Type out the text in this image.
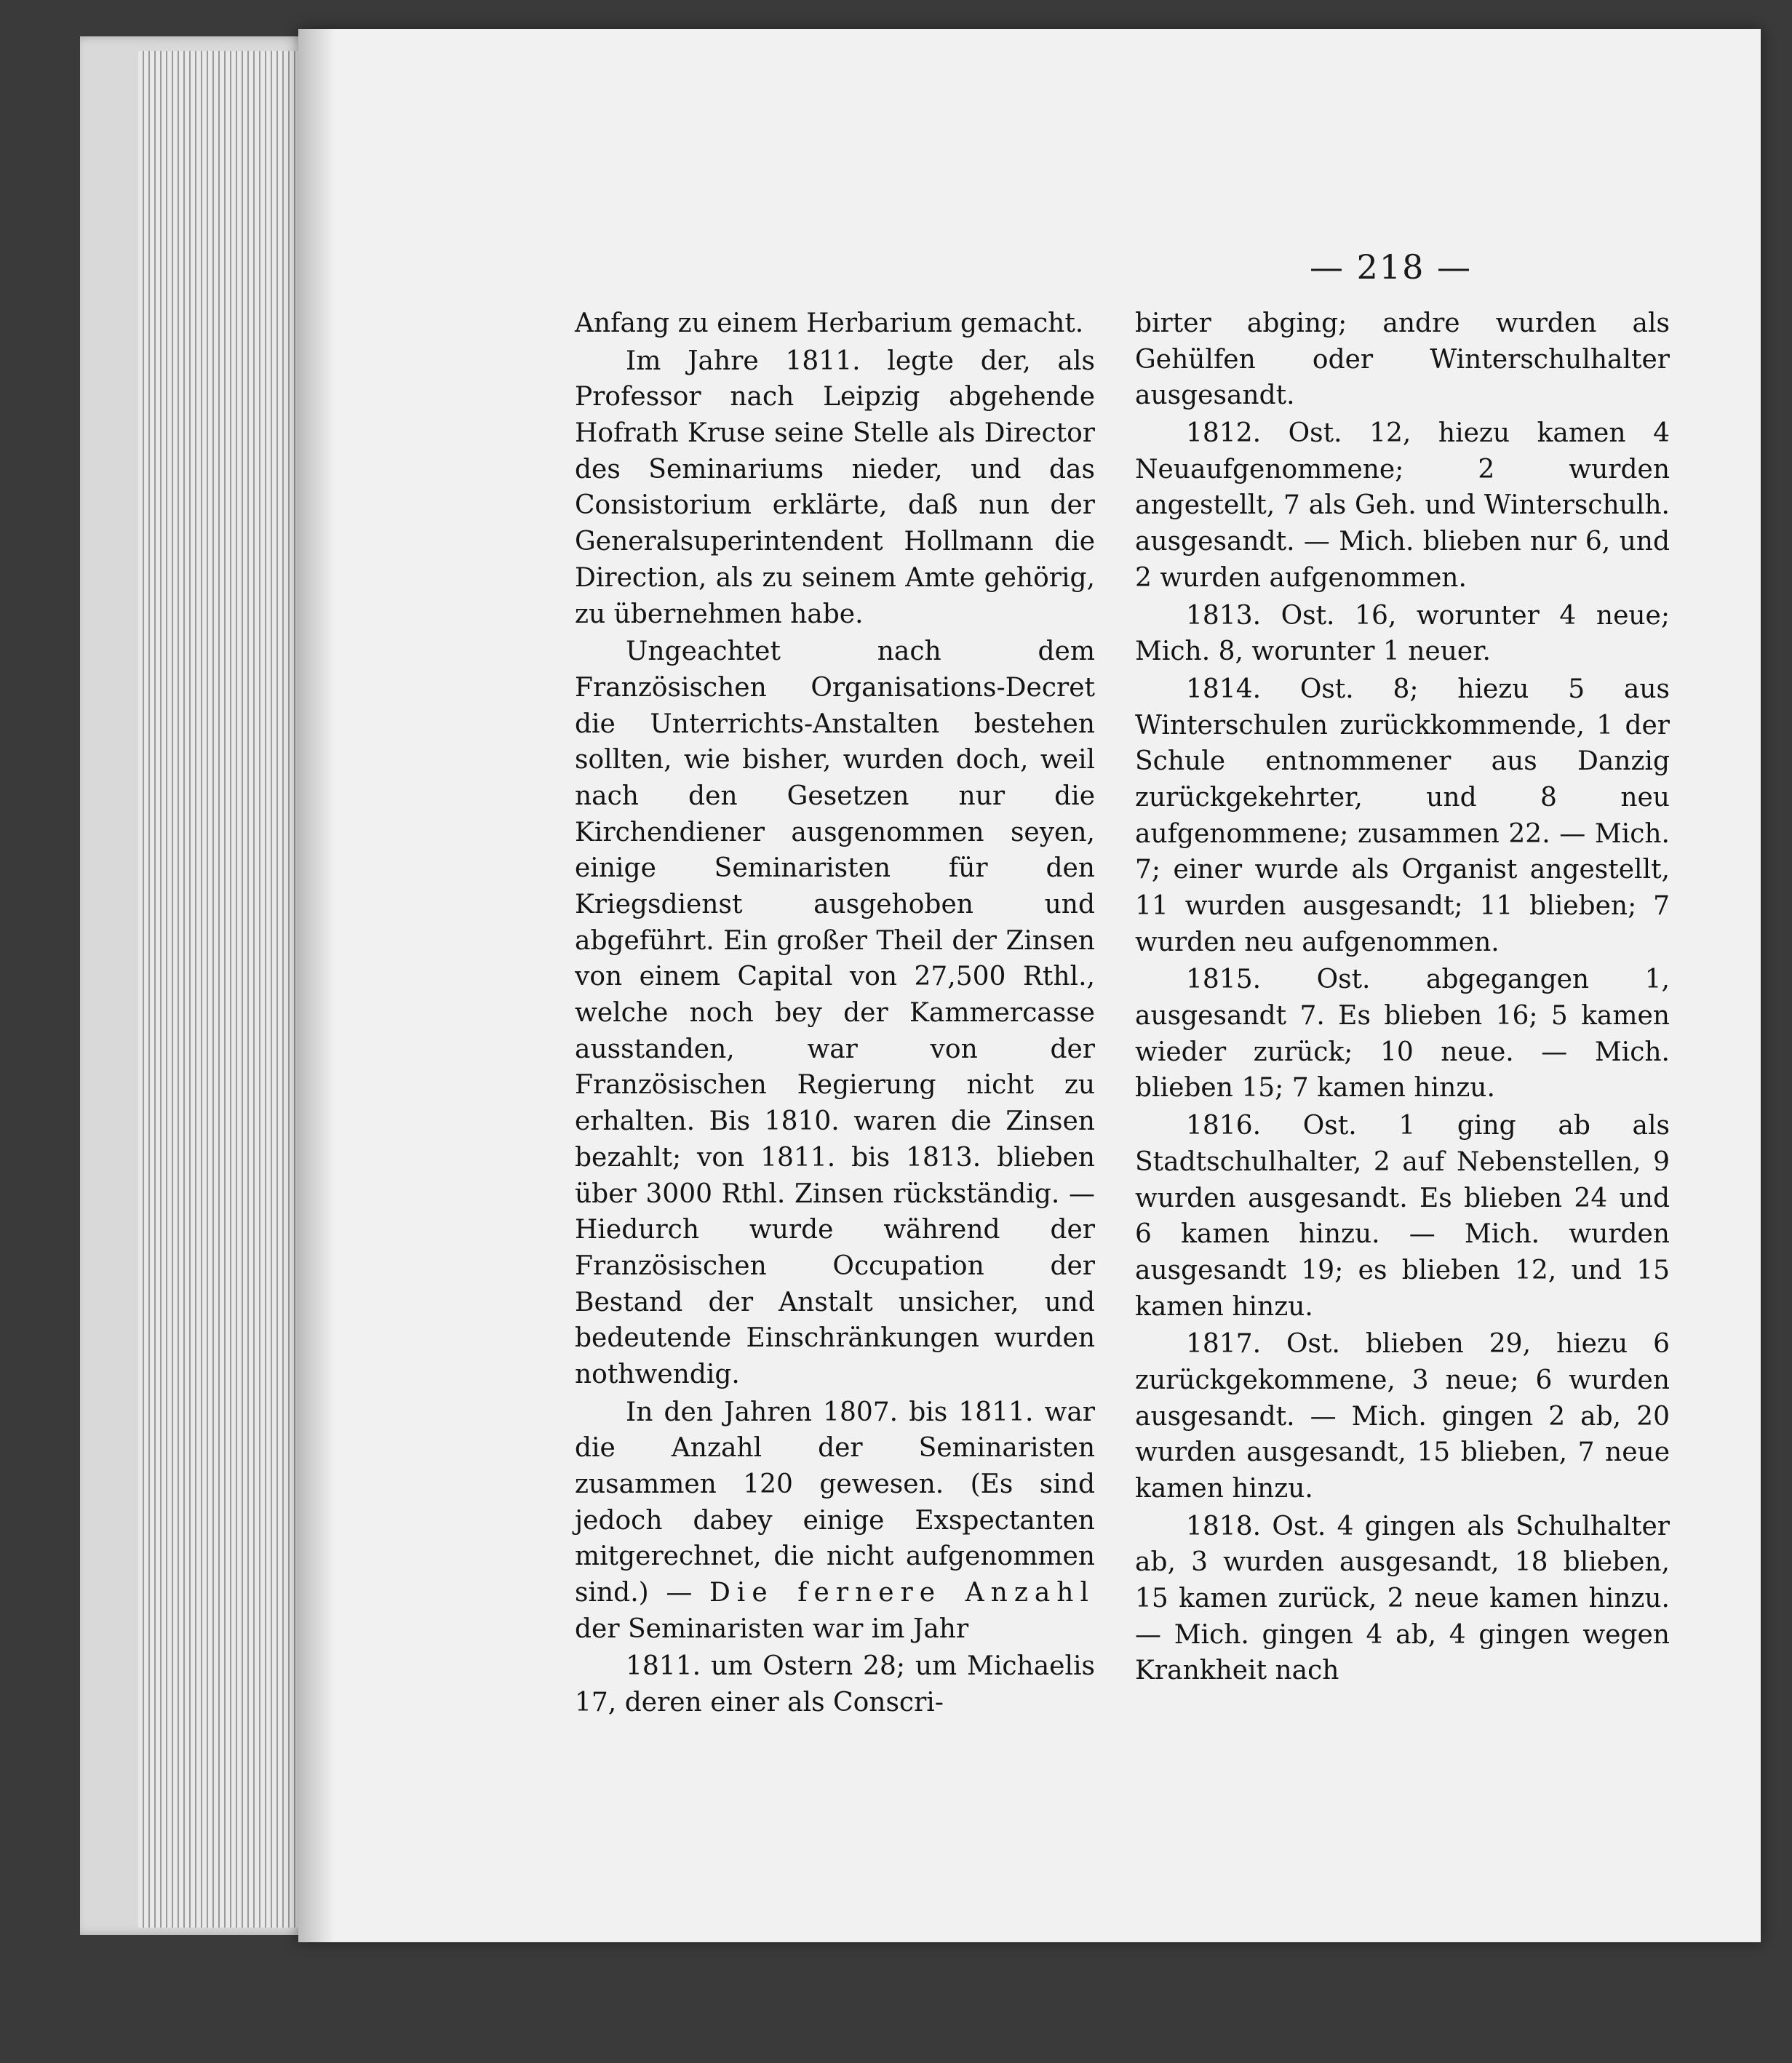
— 218 —

Anfang zu einem Herbarium gemacht.

Im Jahre 1811. legte der, als Professor nach Leipzig abgehende Hofrath Kruse seine Stelle als Director des Seminariums nieder, und das Consistorium erklärte, daß nun der Generalsuperintendent Hollmann die Direction, als zu seinem Amte gehörig, zu übernehmen habe.

Ungeachtet nach dem Französischen Organisations-Decret die Unterrichts-Anstalten bestehen sollten, wie bisher, wurden doch, weil nach den Gesetzen nur die Kirchendiener ausgenommen seyen, einige Seminaristen für den Kriegsdienst ausgehoben und abgeführt. Ein großer Theil der Zinsen von einem Capital von 27,500 Rthl., welche noch bey der Kammercasse ausstanden, war von der Französischen Regierung nicht zu erhalten. Bis 1810. waren die Zinsen bezahlt; von 1811. bis 1813. blieben über 3000 Rthl. Zinsen rückständig. — Hiedurch wurde während der Französischen Occupation der Bestand der Anstalt unsicher, und bedeutende Einschränkungen wurden nothwendig.

In den Jahren 1807. bis 1811. war die Anzahl der Seminaristen zusammen 120 gewesen. (Es sind jedoch dabey einige Exspectanten mitgerechnet, die nicht aufgenommen sind.) — Die fernere Anzahl der Seminaristen war im Jahr

1811. um Ostern 28; um Michaelis 17, deren einer als Conscri-

birter abging; andre wurden als Gehülfen oder Winterschulhalter ausgesandt.

1812. Ost. 12, hiezu kamen 4 Neuaufgenommene; 2 wurden angestellt, 7 als Geh. und Winterschulh. ausgesandt. — Mich. blieben nur 6, und 2 wurden aufgenommen.

1813. Ost. 16, worunter 4 neue; Mich. 8, worunter 1 neuer.

1814. Ost. 8; hiezu 5 aus Winterschulen zurückkommende, 1 der Schule entnommener aus Danzig zurückgekehrter, und 8 neu aufgenommene; zusammen 22. — Mich. 7; einer wurde als Organist angestellt, 11 wurden ausgesandt; 11 blieben; 7 wurden neu aufgenommen.

1815. Ost. abgegangen 1, ausgesandt 7. Es blieben 16; 5 kamen wieder zurück; 10 neue. — Mich. blieben 15; 7 kamen hinzu.

1816. Ost. 1 ging ab als Stadtschulhalter, 2 auf Nebenstellen, 9 wurden ausgesandt. Es blieben 24 und 6 kamen hinzu. — Mich. wurden ausgesandt 19; es blieben 12, und 15 kamen hinzu.

1817. Ost. blieben 29, hiezu 6 zurückgekommene, 3 neue; 6 wurden ausgesandt. — Mich. gingen 2 ab, 20 wurden ausgesandt, 15 blieben, 7 neue kamen hinzu.

1818. Ost. 4 gingen als Schulhalter ab, 3 wurden ausgesandt, 18 blieben, 15 kamen zurück, 2 neue kamen hinzu. — Mich. gingen 4 ab, 4 gingen wegen Krankheit nach
